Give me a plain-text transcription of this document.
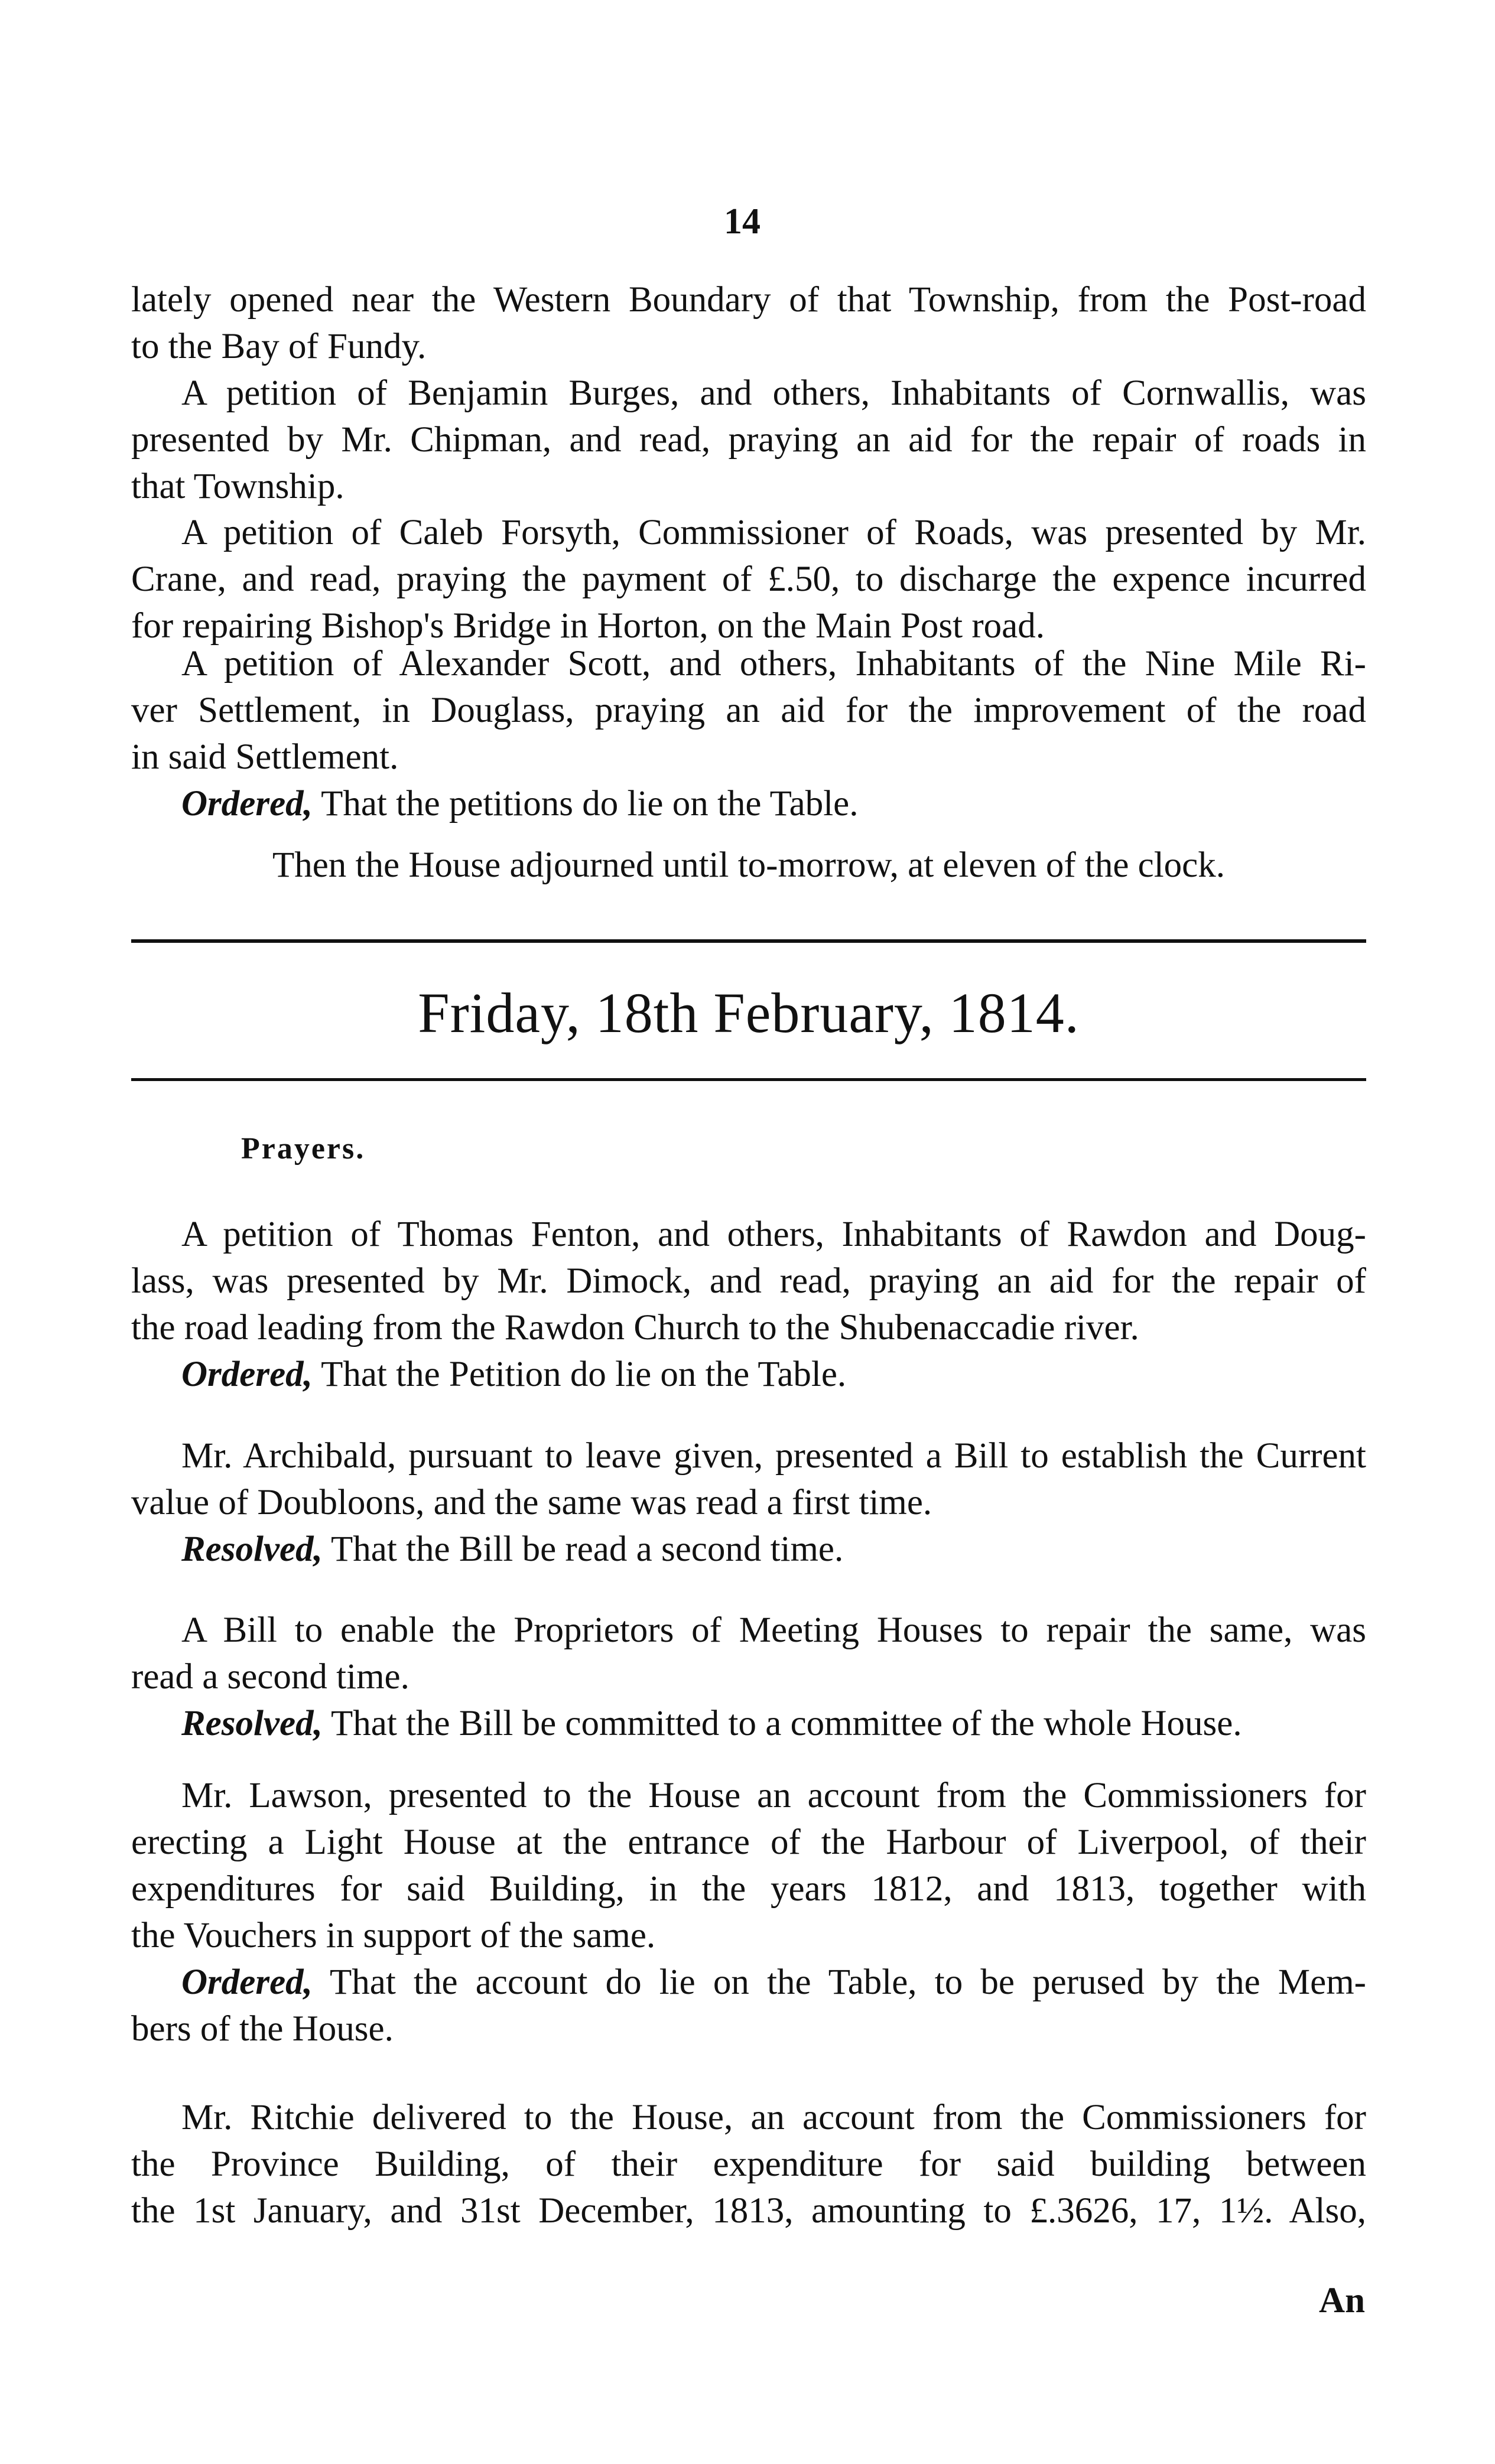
14
lately opened near the Western Boundary of that Township, from the Post-road
to the Bay of Fundy.
A petition of Benjamin Burges, and others, Inhabitants of Cornwallis, was
presented by Mr. Chipman, and read, praying an aid for the repair of roads in
that Township.
A petition of Caleb Forsyth, Commissioner of Roads, was presented by Mr.
Crane, and read, praying the payment of £.50, to discharge the expence incurred
for repairing Bishop's Bridge in Horton, on the Main Post road.
A petition of Alexander Scott, and others, Inhabitants of the Nine Mile Ri-
ver Settlement, in Douglass, praying an aid for the improvement of the road
in said Settlement.
Ordered, That the petitions do lie on the Table.
Then the House adjourned until to-morrow, at eleven of the clock.
Friday, 18th February, 1814.
Prayers.
A petition of Thomas Fenton, and others, Inhabitants of Rawdon and Doug-
lass, was presented by Mr. Dimock, and read, praying an aid for the repair of
the road leading from the Rawdon Church to the Shubenaccadie river.
Ordered, That the Petition do lie on the Table.
Mr. Archibald, pursuant to leave given, presented a Bill to establish the Current
value of Doubloons, and the same was read a first time.
Resolved, That the Bill be read a second time.
A Bill to enable the Proprietors of Meeting Houses to repair the same, was
read a second time.
Resolved, That the Bill be committed to a committee of the whole House.
Mr. Lawson, presented to the House an account from the Commissioners for
erecting a Light House at the entrance of the Harbour of Liverpool, of their
expenditures for said Building, in the years 1812, and 1813, together with
the Vouchers in support of the same.
Ordered, That the account do lie on the Table, to be perused by the Mem-
bers of the House.
Mr. Ritchie delivered to the House, an account from the Commissioners for
the Province Building, of their expenditure for said building between
the 1st January, and 31st December, 1813, amounting to £.3626, 17, 1½. Also,
An
